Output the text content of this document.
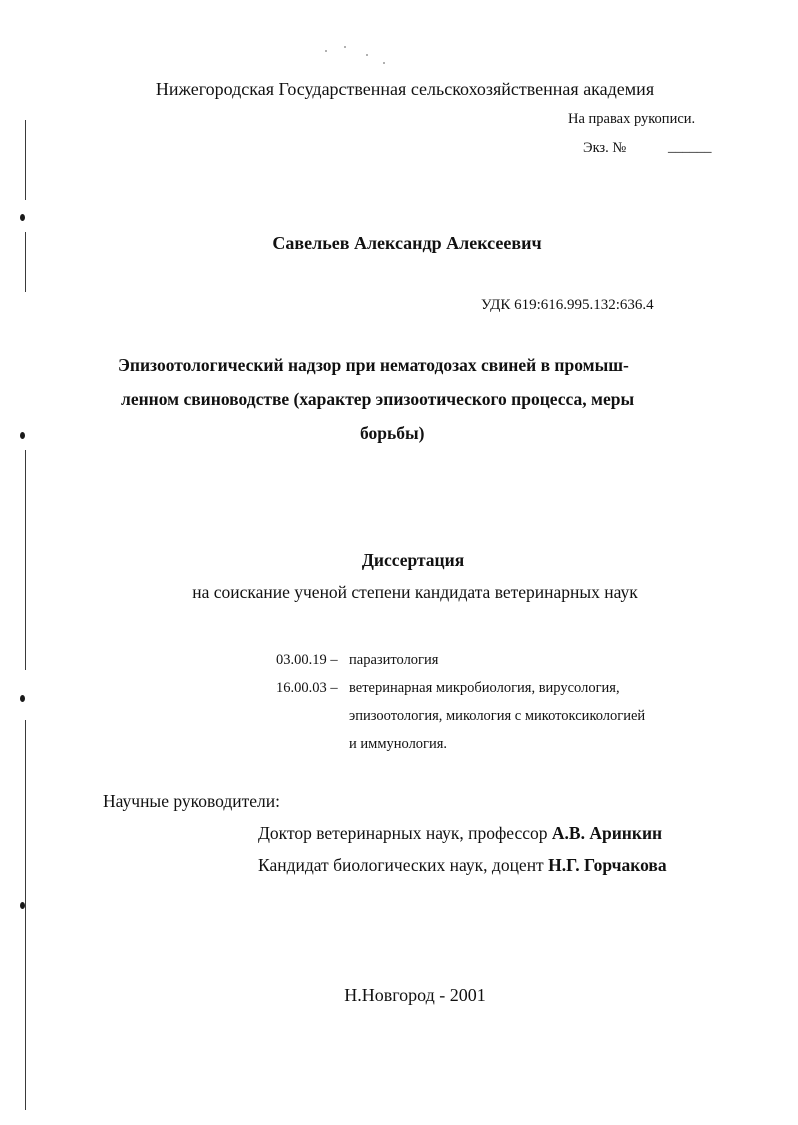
Нижегородская Государственная сельскохозяйственная академия
На правах рукописи.
Экз. №	______
Савельев Александр Алексеевич
УДК 619:616.995.132:636.4
Эпизоотологический надзор при нематодозах свиней в промыш-
ленном свиноводстве (характер эпизоотического процесса, меры
борьбы)
Диссертация
на соискание ученой степени кандидата ветеринарных наук
03.00.19 – паразитология
16.00.03 – ветеринарная микробиология, вирусология,
эпизоотология, микология с микотоксикологией
и иммунология.
Научные руководители:
Доктор ветеринарных наук, профессор А.В. Аринкин
Кандидат биологических наук, доцент Н.Г. Горчакова
Н.Новгород - 2001
